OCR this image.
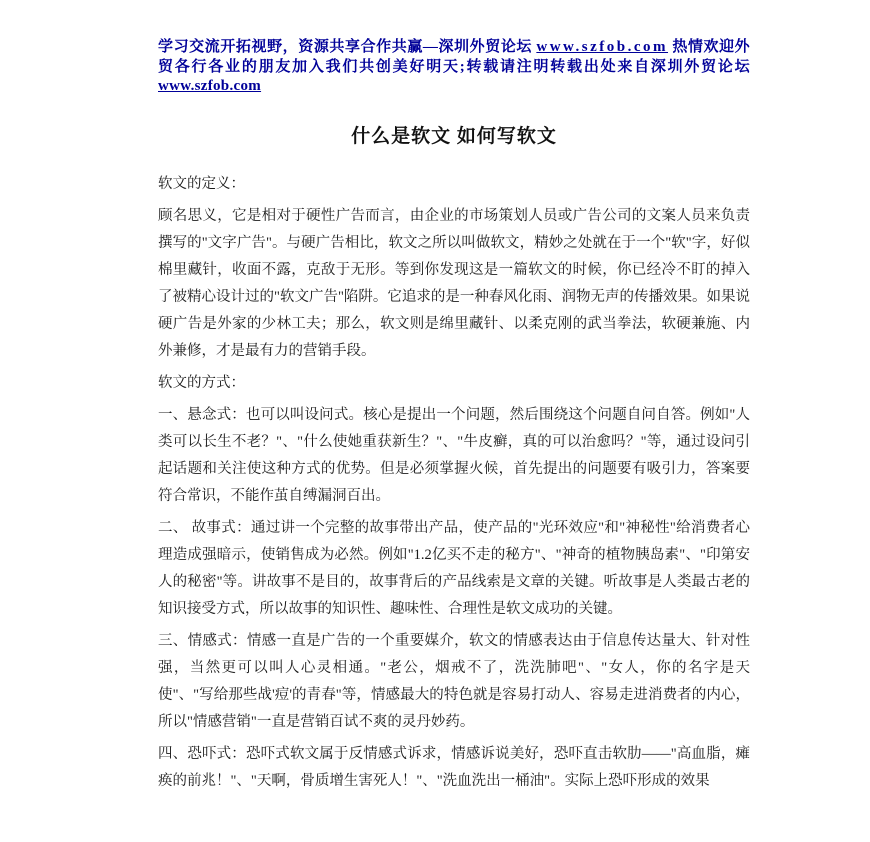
学习交流开拓视野，资源共享合作共赢—深圳外贸论坛 www.szfob.com 热情欢迎外贸各行各业的朋友加入我们共创美好明天;转载请注明转载出处来自深圳外贸论坛 www.szfob.com
什么是软文 如何写软文

软文的定义：

顾名思义，它是相对于硬性广告而言，由企业的市场策划人员或广告公司的文案人员来负责撰写的"文字广告"。与硬广告相比，软文之所以叫做软文，精妙之处就在于一个"软"字，好似棉里藏针，收面不露，克敌于无形。等到你发现这是一篇软文的时候，你已经冷不盯的掉入了被精心设计过的"软文广告"陷阱。它追求的是一种春风化雨、润物无声的传播效果。如果说硬广告是外家的少林工夫；那么，软文则是绵里藏针、以柔克刚的武当拳法，软硬兼施、内外兼修，才是最有力的营销手段。

软文的方式：

一、悬念式：也可以叫设问式。核心是提出一个问题，然后围绕这个问题自问自答。例如"人类可以长生不老？"、"什么使她重获新生？"、"牛皮癣，真的可以治愈吗？"等，通过设问引起话题和关注使这种方式的优势。但是必须掌握火候，首先提出的问题要有吸引力，答案要符合常识，不能作茧自缚漏洞百出。

二、 故事式：通过讲一个完整的故事带出产品，使产品的"光环效应"和"神秘性"给消费者心理造成强暗示，使销售成为必然。例如"1.2亿买不走的秘方"、"神奇的植物胰岛素"、"印第安人的秘密"等。讲故事不是目的，故事背后的产品线索是文章的关键。听故事是人类最古老的知识接受方式，所以故事的知识性、趣味性、合理性是软文成功的关键。

三、情感式：情感一直是广告的一个重要媒介，软文的情感表达由于信息传达量大、针对性强，当然更可以叫人心灵相通。"老公，烟戒不了，洗洗肺吧"、"女人，你的名字是天使"、"写给那些战'痘'的青春"等，情感最大的特色就是容易打动人、容易走进消费者的内心，所以"情感营销"一直是营销百试不爽的灵丹妙药。

四、恐吓式：恐吓式软文属于反情感式诉求，情感诉说美好，恐吓直击软肋——"高血脂，瘫痪的前兆！"、"天啊，骨质增生害死人！"、"洗血洗出一桶油"。实际上恐吓形成的效果
